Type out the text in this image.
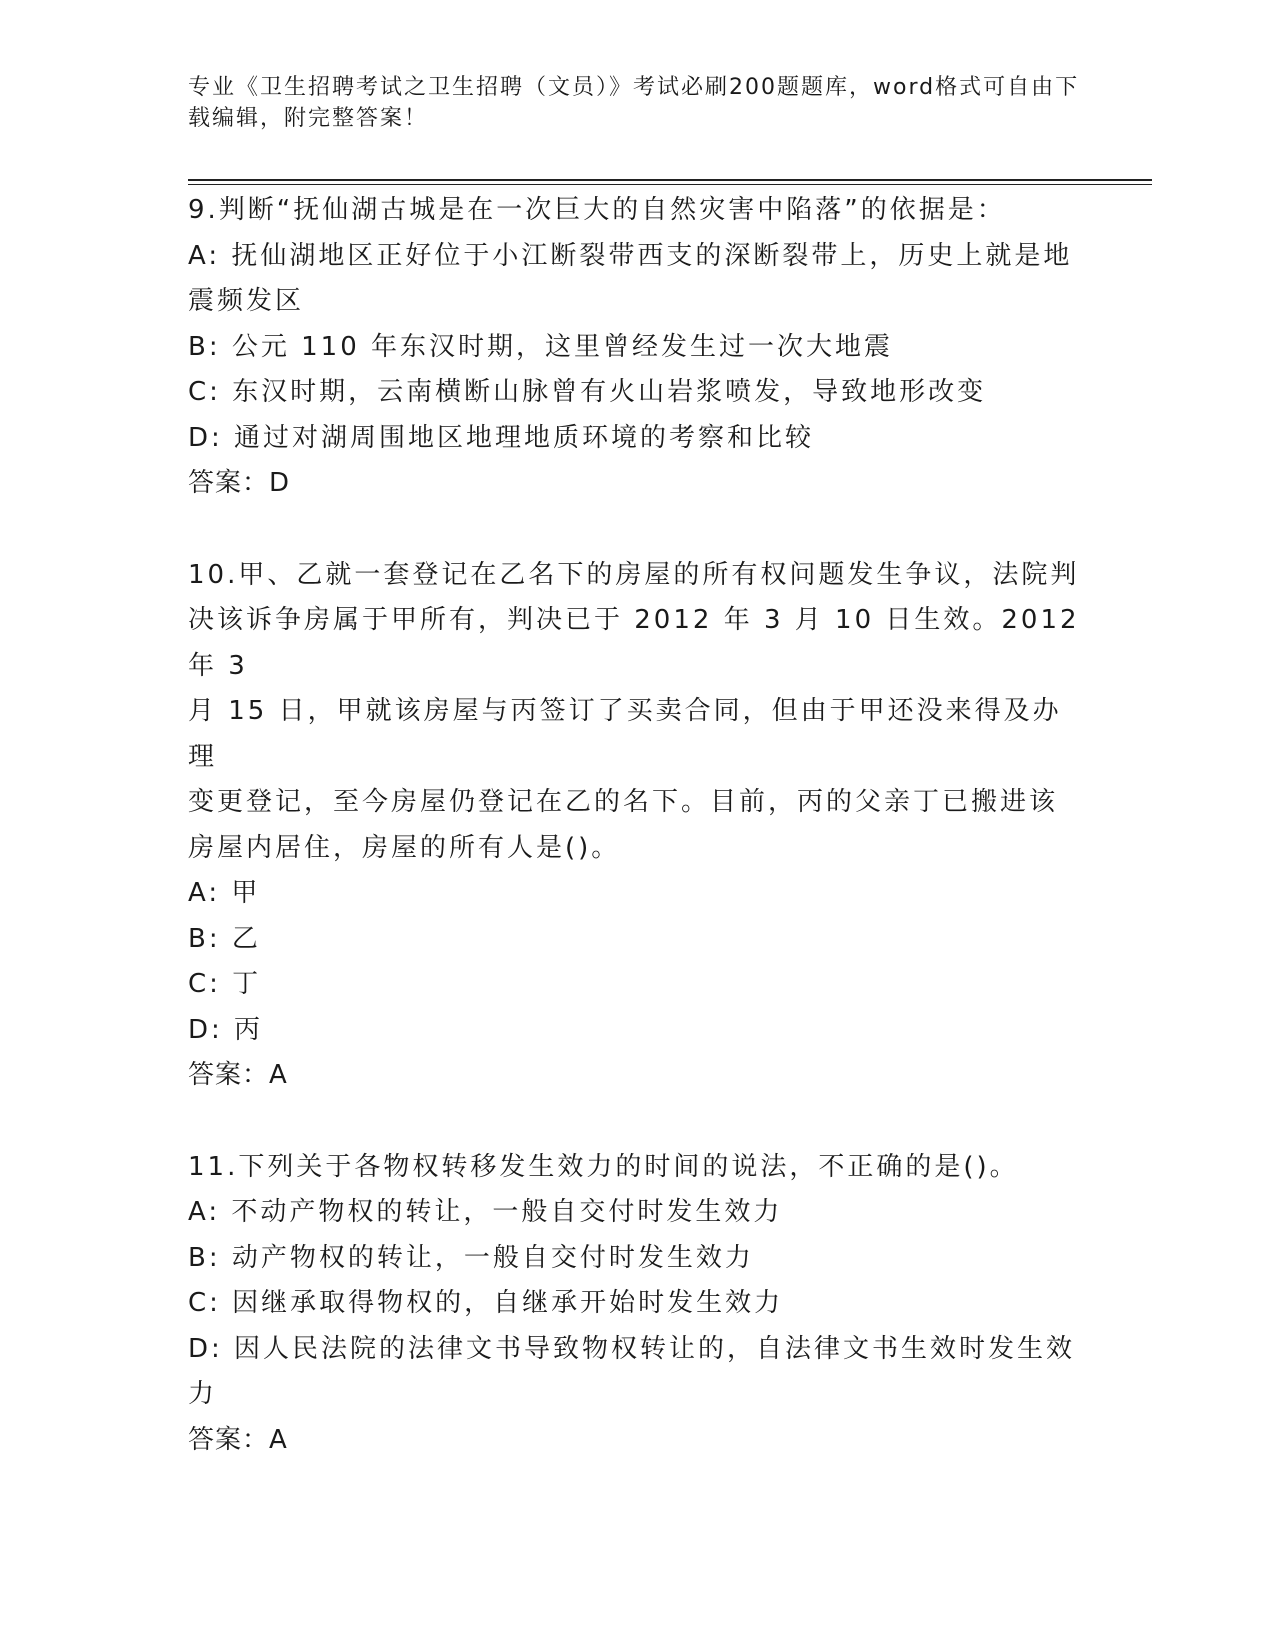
专业《卫生招聘考试之卫生招聘（文员）》考试必刷200题题库，word格式可自由下载编辑，附完整答案！
9.判断“抚仙湖古城是在一次巨大的自然灾害中陷落”的依据是：
A: 抚仙湖地区正好位于小江断裂带西支的深断裂带上，历史上就是地
震频发区
B: 公元 110 年东汉时期，这里曾经发生过一次大地震
C: 东汉时期，云南横断山脉曾有火山岩浆喷发，导致地形改变
D: 通过对湖周围地区地理地质环境的考察和比较
答案：D
10.甲、乙就一套登记在乙名下的房屋的所有权问题发生争议，法院判
决该诉争房属于甲所有，判决已于 2012 年 3 月 10 日生效。2012 年 3
月 15 日，甲就该房屋与丙签订了买卖合同，但由于甲还没来得及办理
变更登记，至今房屋仍登记在乙的名下。目前，丙的父亲丁已搬进该
房屋内居住，房屋的所有人是()。
A: 甲
B: 乙
C: 丁
D: 丙
答案：A
11.下列关于各物权转移发生效力的时间的说法，不正确的是()。
A: 不动产物权的转让，一般自交付时发生效力
B: 动产物权的转让，一般自交付时发生效力
C: 因继承取得物权的，自继承开始时发生效力
D: 因人民法院的法律文书导致物权转让的，自法律文书生效时发生效
力
答案：A
